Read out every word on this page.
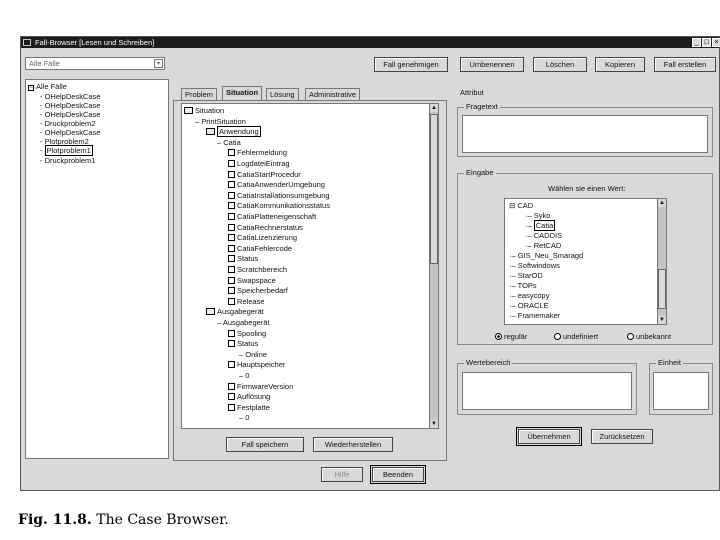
Fall-Browser [Lesen und Schreiben]	_ □ ×
Alle Fälle	▾	Fall genehmigen	Umbenennen	Löschen	Kopieren	Fall erstellen
− Alle Fälle
- OHelpDeskCase
- OHelpDeskCase
- OHelpDeskCase
- Druckproblem2
- OHelpDeskCase
- Plotproblem2
- Plotproblem1
- Druckproblem1
Problem	Situation	Lösung	Administrative
Situation
– PrintSituation
Anwendung
– Catia
Fehlermeldung
LogdateiEintrag
CatiaStartProcedur
CatiaAnwenderUmgebung
CatiaInstallationsumgebung
CatiaKommunikationsstatus
CatiaPlatteneigenschaft
CatiaRechnerstatus
CatiaLizenzierung
CatiaFehlercode
Status
Scratchbereich
Swapspace
Speicherbedarf
Release
Ausgabegerät
– Ausgabegerät
Spooling
Status
– Online
Hauptspeicher
– 0
FirmwareVersion
Auflösung
Festplatte
– 0
▲
▼
Fall speichern	Wiederherstellen
Attribut
Fragetext
Eingabe
Wählen sie einen Wert:
⊟ CAD
·– Syko
·– Catia
·– CADDIS
·– RetCAD
·– GIS_Neu_Smaragd
·– Softwindows
·– StarOD
·– TOPs
·– easycopy
·– ORACLE
·– Framemaker
▲
▼
regulär	undefiniert	unbekannt
Wertebereich	Einheit
Übernehmen	Zurücksetzen
Hilfe	Beenden
Fig. 11.8. The Case Browser.
